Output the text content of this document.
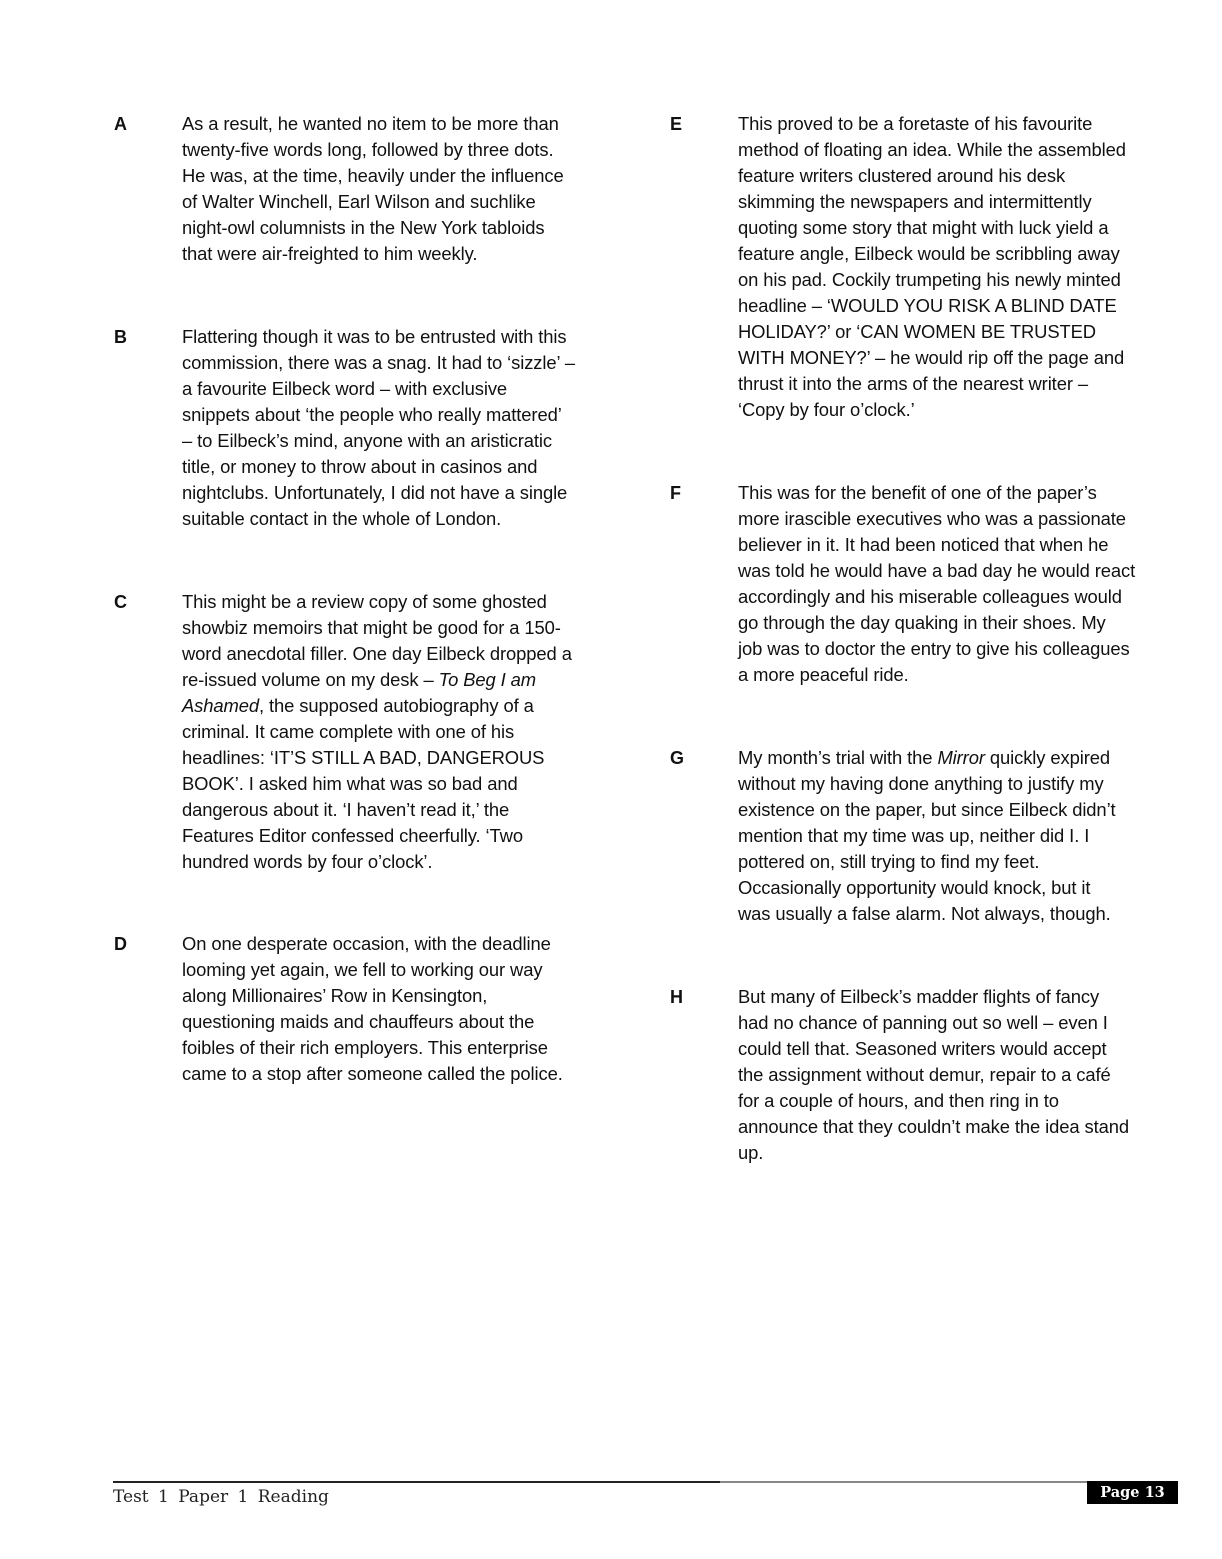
A	As a result, he wanted no item to be more than
twenty-five words long, followed by three dots.
He was, at the time, heavily under the influence
of Walter Winchell, Earl Wilson and suchlike
night-owl columnists in the New York tabloids
that were air-freighted to him weekly.
B	Flattering though it was to be entrusted with this
commission, there was a snag. It had to ‘sizzle’ –
a favourite Eilbeck word – with exclusive
snippets about ‘the people who really mattered’
– to Eilbeck’s mind, anyone with an aristicratic
title, or money to throw about in casinos and
nightclubs. Unfortunately, I did not have a single
suitable contact in the whole of London.
C	This might be a review copy of some ghosted
showbiz memoirs that might be good for a 150-
word anecdotal filler. One day Eilbeck dropped a
re-issued volume on my desk – To Beg I am
Ashamed, the supposed autobiography of a
criminal. It came complete with one of his
headlines: ‘IT’S STILL A BAD, DANGEROUS
BOOK’. I asked him what was so bad and
dangerous about it. ‘I haven’t read it,’ the
Features Editor confessed cheerfully. ‘Two
hundred words by four o’clock’.
D	On one desperate occasion, with the deadline
looming yet again, we fell to working our way
along Millionaires’ Row in Kensington,
questioning maids and chauffeurs about the
foibles of their rich employers. This enterprise
came to a stop after someone called the police.
E	This proved to be a foretaste of his favourite
method of floating an idea. While the assembled
feature writers clustered around his desk
skimming the newspapers and intermittently
quoting some story that might with luck yield a
feature angle, Eilbeck would be scribbling away
on his pad. Cockily trumpeting his newly minted
headline – ‘WOULD YOU RISK A BLIND DATE
HOLIDAY?’ or ‘CAN WOMEN BE TRUSTED
WITH MONEY?’ – he would rip off the page and
thrust it into the arms of the nearest writer –
‘Copy by four o’clock.’
F	This was for the benefit of one of the paper’s
more irascible executives who was a passionate
believer in it. It had been noticed that when he
was told he would have a bad day he would react
accordingly and his miserable colleagues would
go through the day quaking in their shoes. My
job was to doctor the entry to give his colleagues
a more peaceful ride.
G	My month’s trial with the Mirror quickly expired
without my having done anything to justify my
existence on the paper, but since Eilbeck didn’t
mention that my time was up, neither did I. I
pottered on, still trying to find my feet.
Occasionally opportunity would knock, but it
was usually a false alarm. Not always, though.
H	But many of Eilbeck’s madder flights of fancy
had no chance of panning out so well – even I
could tell that. Seasoned writers would accept
the assignment without demur, repair to a café
for a couple of hours, and then ring in to
announce that they couldn’t make the idea stand
up.
Test 1 Paper 1 Reading	Page 13
